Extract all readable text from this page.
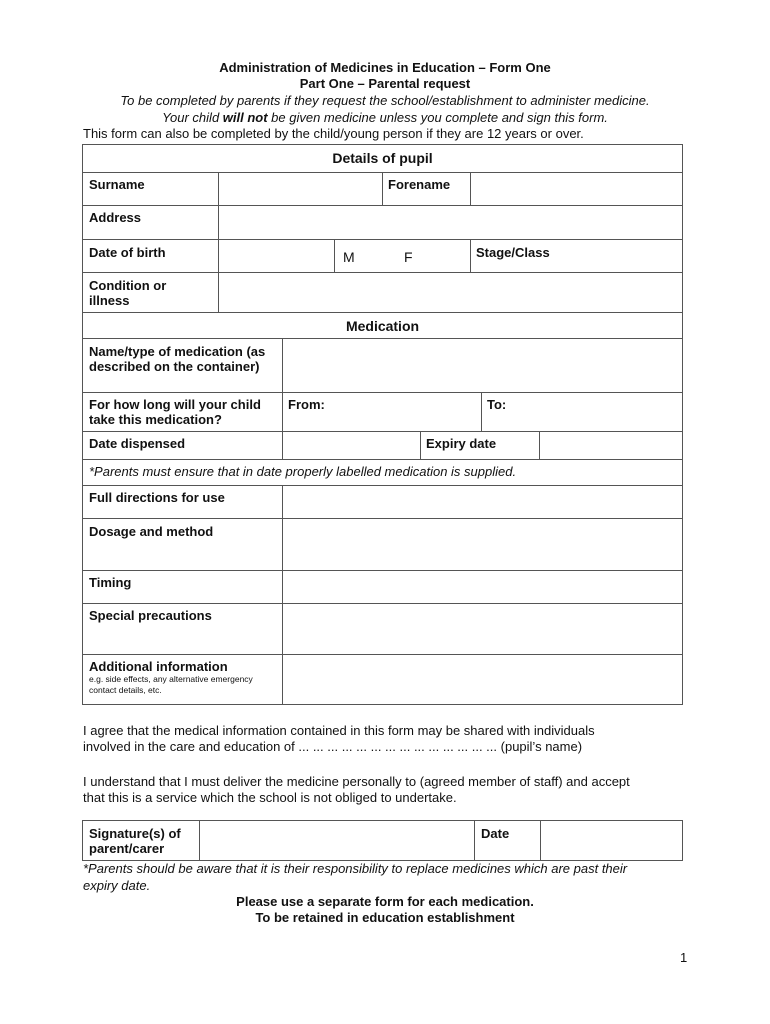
Administration of Medicines in Education – Form One
Part One – Parental request
To be completed by parents if they request the school/establishment to administer medicine.
Your child will not be given medicine unless you complete and sign this form.
This form can also be completed by the child/young person if they are 12 years or over.
Details of pupil
Surname	Forename
Address
Date of birth	M	F	Stage/Class
Condition or illness
Medication
Name/type of medication (as described on the container)
For how long will your child take this medication?
From:	To:
Date dispensed	Expiry date
*Parents must ensure that in date properly labelled medication is supplied.
Full directions for use
Dosage and method
Timing
Special precautions
Additional information
e.g. side effects, any alternative emergency contact details, etc.
I agree that the medical information contained in this form may be shared with individuals
involved in the care and education of ... ... ... ... ... ... ... ... ... ... ... ... ... ... (pupil’s name)
I understand that I must deliver the medicine personally to (agreed member of staff) and accept
that this is a service which the school is not obliged to undertake.
Signature(s) of parent/carer
Date
*Parents should be aware that it is their responsibility to replace medicines which are past their
expiry date.
Please use a separate form for each medication.
To be retained in education establishment
1
